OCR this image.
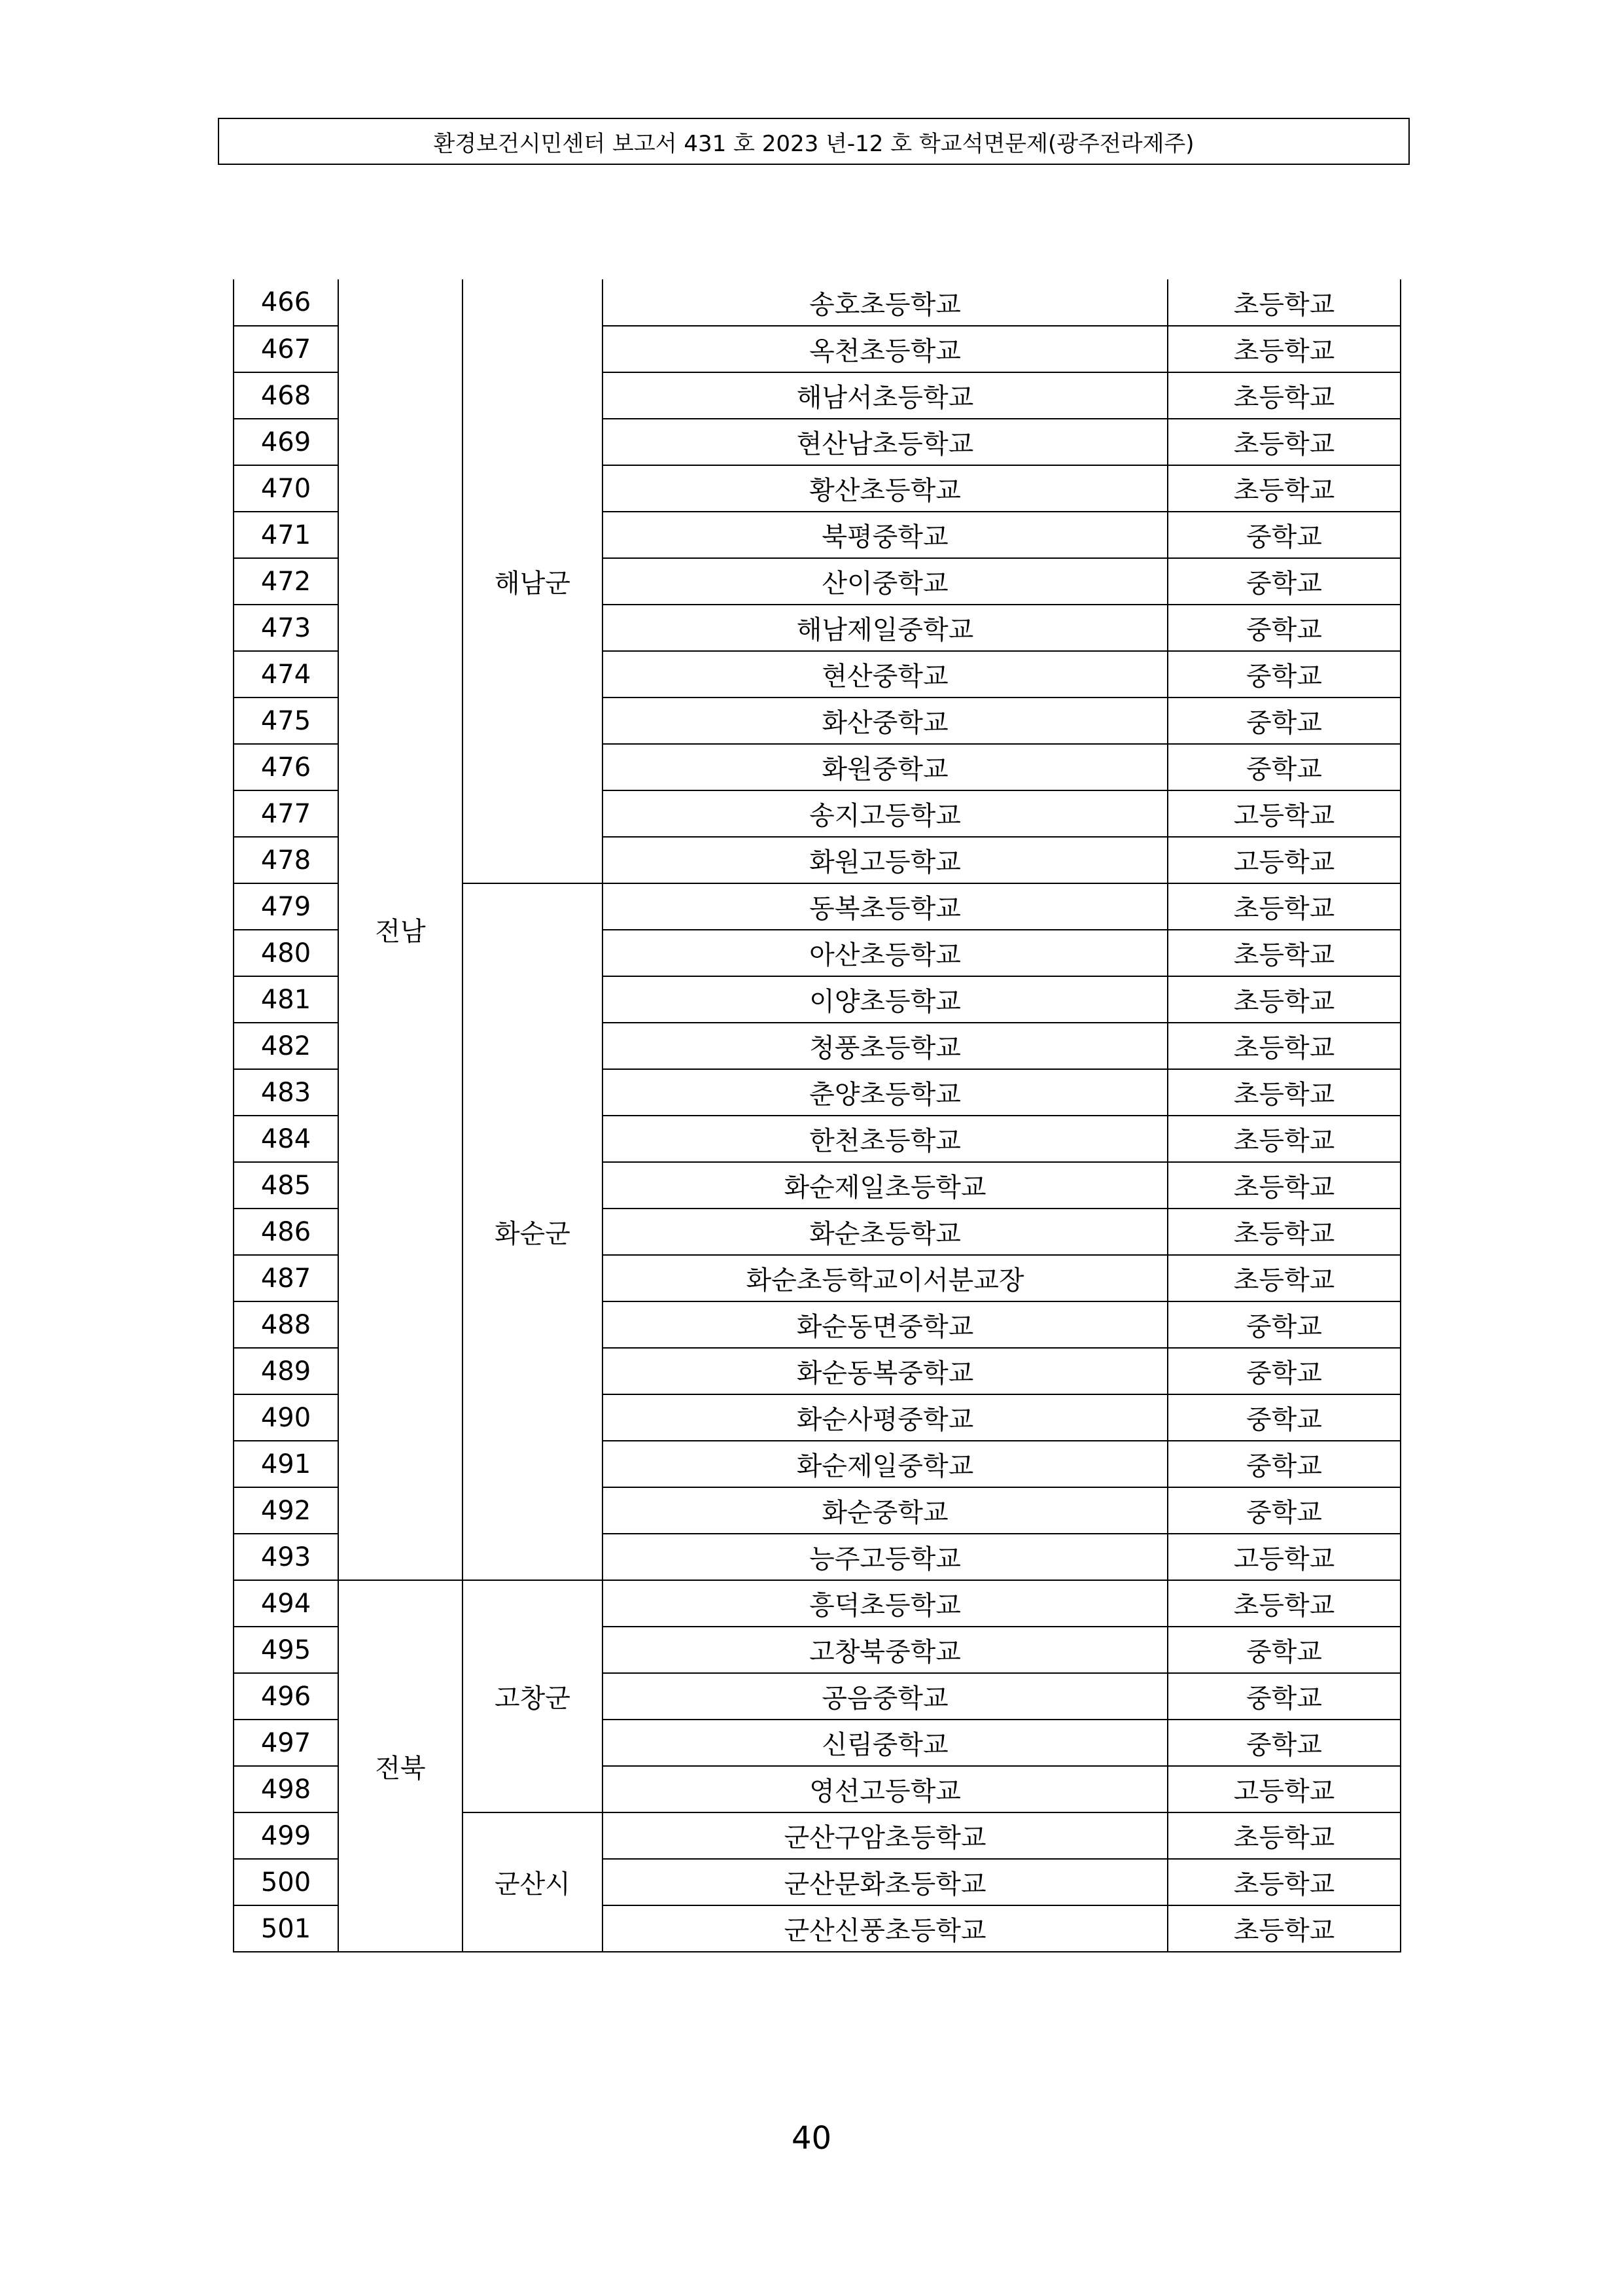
환경보건시민센터 보고서 431 호 2023 년-12 호 학교석면문제(광주전라제주)
466	전남	해남군	송호초등학교	초등학교
467			옥천초등학교	초등학교
468			해남서초등학교	초등학교
469			현산남초등학교	초등학교
470			황산초등학교	초등학교
471			북평중학교	중학교
472			산이중학교	중학교
473			해남제일중학교	중학교
474			현산중학교	중학교
475			화산중학교	중학교
476			화원중학교	중학교
477			송지고등학교	고등학교
478			화원고등학교	고등학교
479		화순군	동복초등학교	초등학교
480			아산초등학교	초등학교
481			이양초등학교	초등학교
482			청풍초등학교	초등학교
483			춘양초등학교	초등학교
484			한천초등학교	초등학교
485			화순제일초등학교	초등학교
486			화순초등학교	초등학교
487			화순초등학교이서분교장	초등학교
488			화순동면중학교	중학교
489			화순동복중학교	중학교
490			화순사평중학교	중학교
491			화순제일중학교	중학교
492			화순중학교	중학교
493			능주고등학교	고등학교
494	전북	고창군	흥덕초등학교	초등학교
495			고창북중학교	중학교
496			공음중학교	중학교
497			신림중학교	중학교
498			영선고등학교	고등학교
499		군산시	군산구암초등학교	초등학교
500			군산문화초등학교	초등학교
501			군산신풍초등학교	초등학교
40
